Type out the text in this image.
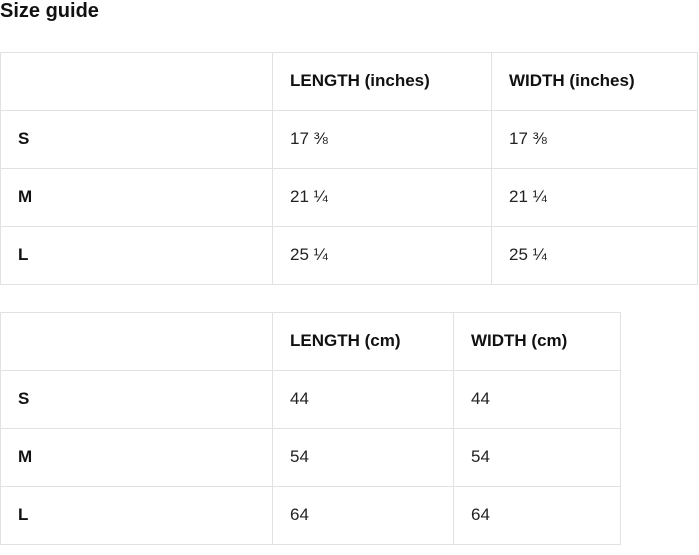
Size guide
	LENGTH (inches)	WIDTH (inches)
S	17 ⅜	17 ⅜
M	21 ¼	21 ¼
L	25 ¼	25 ¼
	LENGTH (cm)	WIDTH (cm)
S	44	44
M	54	54
L	64	64
